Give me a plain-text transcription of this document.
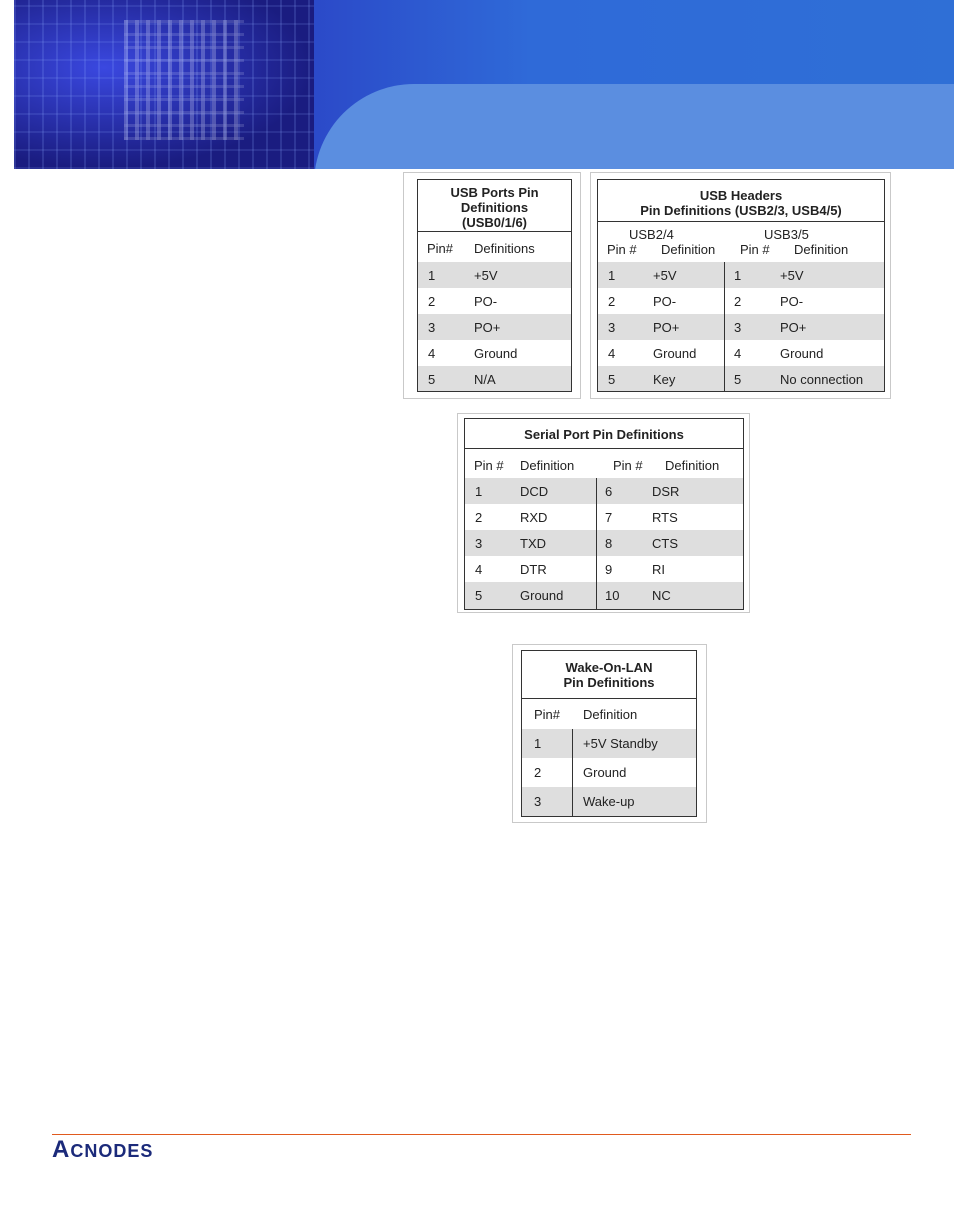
USB Ports Pin
Definitions
(USB0/1/6)
Pin# Definitions
1	+5V
2	PO-
3	PO+
4	Ground
5	N/A
USB Headers
Pin Definitions (USB2/3, USB4/5)
USB2/4	USB3/5
Pin # Definition Pin # Definition
1	+5V	1	+5V
2	PO-	2	PO-
3	PO+	3	PO+
4	Ground	4	Ground
5	Key	5	No connection
Serial Port Pin Definitions
Pin # Definition	Pin # Definition
1	DCD	6	DSR
2	RXD	7	RTS
3	TXD	8	CTS
4	DTR	9	RI
5	Ground	10	NC
Wake-On-LAN
Pin Definitions
Pin# Definition
1	+5V Standby
2	Ground
3	Wake-up
ACNODES
